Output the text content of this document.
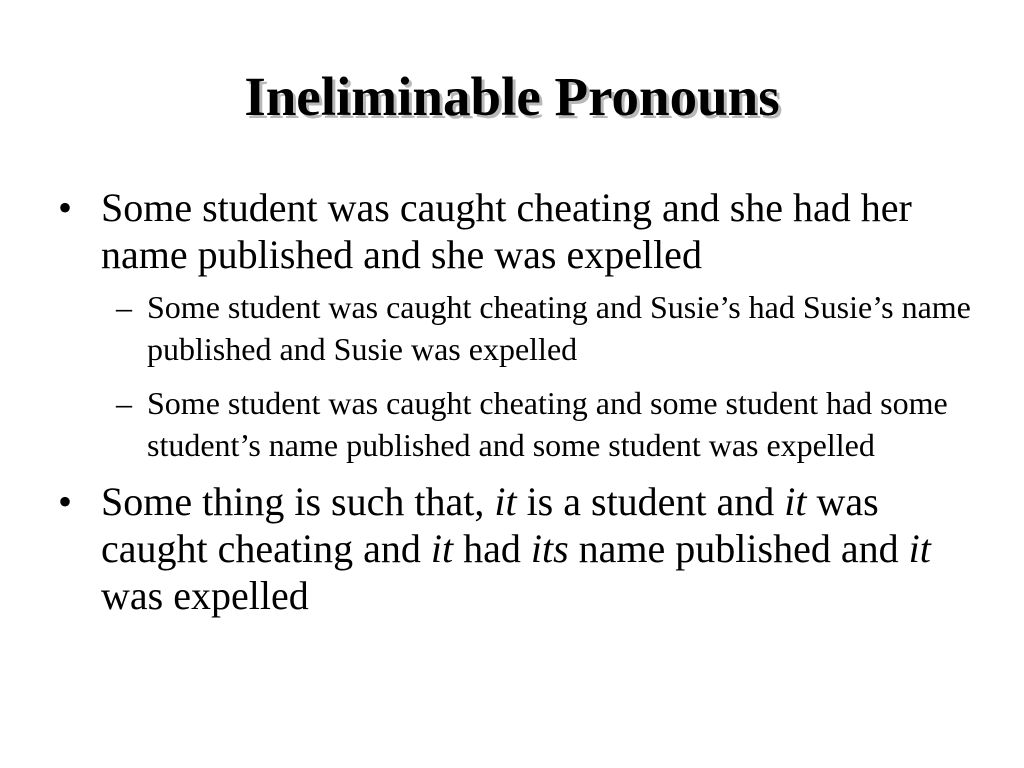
Ineliminable Pronouns
• Some student was caught cheating and she had her name published and she was expelled
– Some student was caught cheating and Susie’s had Susie’s name published and Susie was expelled
– Some student was caught cheating and some student had some student’s name published and some student was expelled
• Some thing is such that, it is a student and it was caught cheating and it had its name published and it was expelled
